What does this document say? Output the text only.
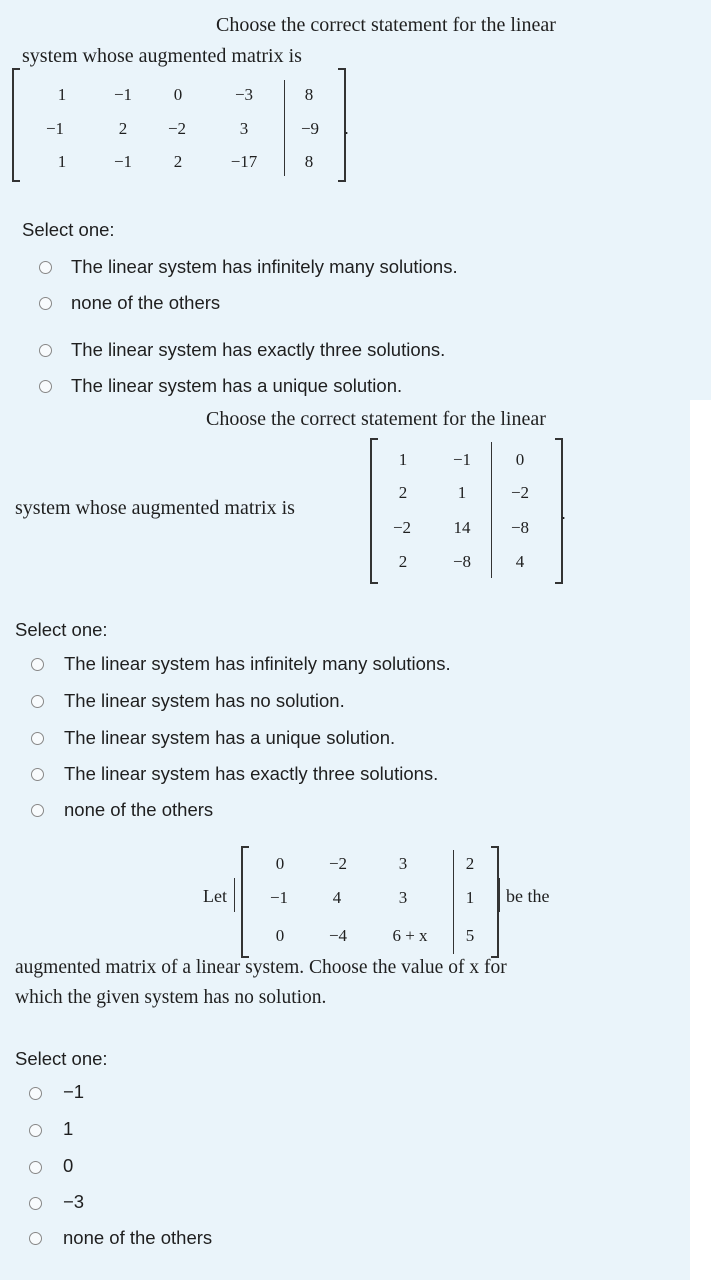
Choose the correct statement for the linear
system whose augmented matrix is
1	−1	0	−3	8
−1	2	−2	3	−9
1	−1	2	−17	8
.
Select one:
The linear system has infinitely many solutions.
none of the others
The linear system has exactly three solutions.
The linear system has a unique solution.
Choose the correct statement for the linear
system whose augmented matrix is
1	−1	0
2	1	−2
−2	14	−8
2	−8	4
.
Select one:
The linear system has infinitely many solutions.
The linear system has no solution.
The linear system has a unique solution.
The linear system has exactly three solutions.
none of the others
Let
0	−2	3	2
−1	4	3	1
0	−4	6 + x	5
be the
augmented matrix of a linear system. Choose the value of x for
which the given system has no solution.
Select one:
−1
1
0
−3
none of the others
